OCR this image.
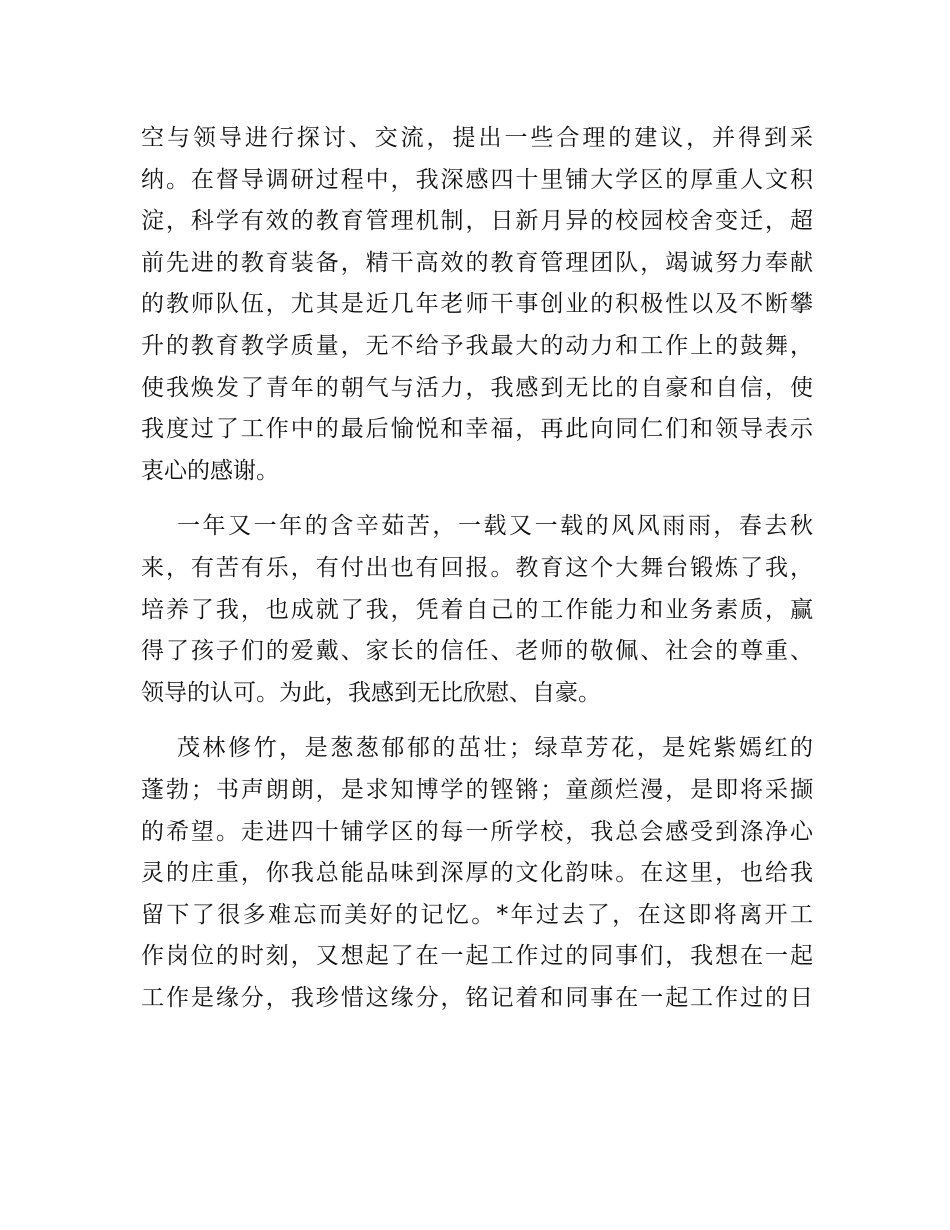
空与领导进行探讨、交流，提出一些合理的建议，并得到采
纳。在督导调研过程中，我深感四十里铺大学区的厚重人文积
淀，科学有效的教育管理机制，日新月异的校园校舍变迁，超
前先进的教育装备，精干高效的教育管理团队，竭诚努力奉献
的教师队伍，尤其是近几年老师干事创业的积极性以及不断攀
升的教育教学质量，无不给予我最大的动力和工作上的鼓舞，
使我焕发了青年的朝气与活力，我感到无比的自豪和自信，使
我度过了工作中的最后愉悦和幸福，再此向同仁们和领导表示
衷心的感谢。
一年又一年的含辛茹苦，一载又一载的风风雨雨，春去秋
来，有苦有乐，有付出也有回报。教育这个大舞台锻炼了我，
培养了我，也成就了我，凭着自己的工作能力和业务素质，赢
得了孩子们的爱戴、家长的信任、老师的敬佩、社会的尊重、
领导的认可。为此，我感到无比欣慰、自豪。
茂林修竹，是葱葱郁郁的茁壮；绿草芳花，是姹紫嫣红的
蓬勃；书声朗朗，是求知博学的铿锵；童颜烂漫，是即将采撷
的希望。走进四十铺学区的每一所学校，我总会感受到涤净心
灵的庄重，你我总能品味到深厚的文化韵味。在这里，也给我
留下了很多难忘而美好的记忆。*年过去了，在这即将离开工
作岗位的时刻，又想起了在一起工作过的同事们，我想在一起
工作是缘分，我珍惜这缘分，铭记着和同事在一起工作过的日
